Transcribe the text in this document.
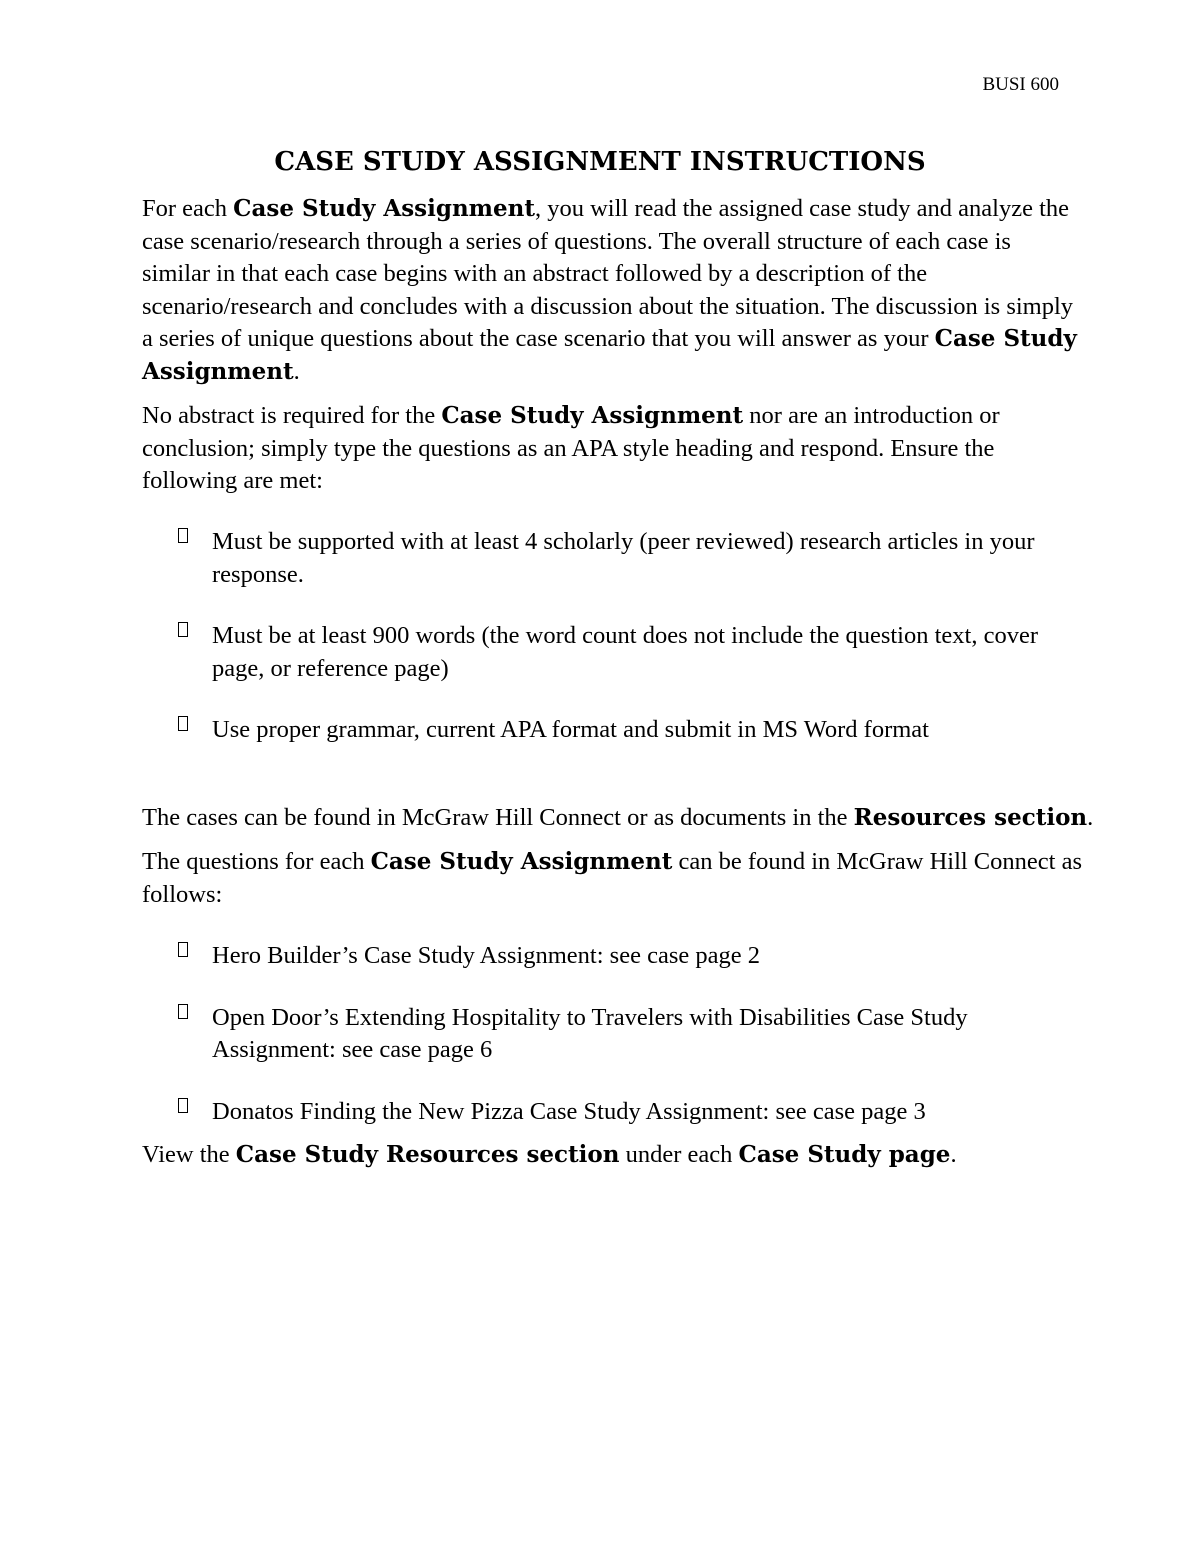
BUSI 600
CASE STUDY ASSIGNMENT INSTRUCTIONS
For each Case Study Assignment, you will read the assigned case study and analyze the case scenario/research through a series of questions. The overall structure of each case is similar in that each case begins with an abstract followed by a description of the scenario/research and concludes with a discussion about the situation. The discussion is simply a series of unique questions about the case scenario that you will answer as your Case Study Assignment.
No abstract is required for the Case Study Assignment nor are an introduction or conclusion; simply type the questions as an APA style heading and respond. Ensure the following are met:
Must be supported with at least 4 scholarly (peer reviewed) research articles in your response.
Must be at least 900 words (the word count does not include the question text, cover page, or reference page)
Use proper grammar, current APA format and submit in MS Word format
The cases can be found in McGraw Hill Connect or as documents in the Resources section.
The questions for each Case Study Assignment can be found in McGraw Hill Connect as follows:
Hero Builder’s Case Study Assignment: see case page 2
Open Door’s Extending Hospitality to Travelers with Disabilities Case Study Assignment: see case page 6
Donatos Finding the New Pizza Case Study Assignment: see case page 3
View the Case Study Resources section under each Case Study page.
